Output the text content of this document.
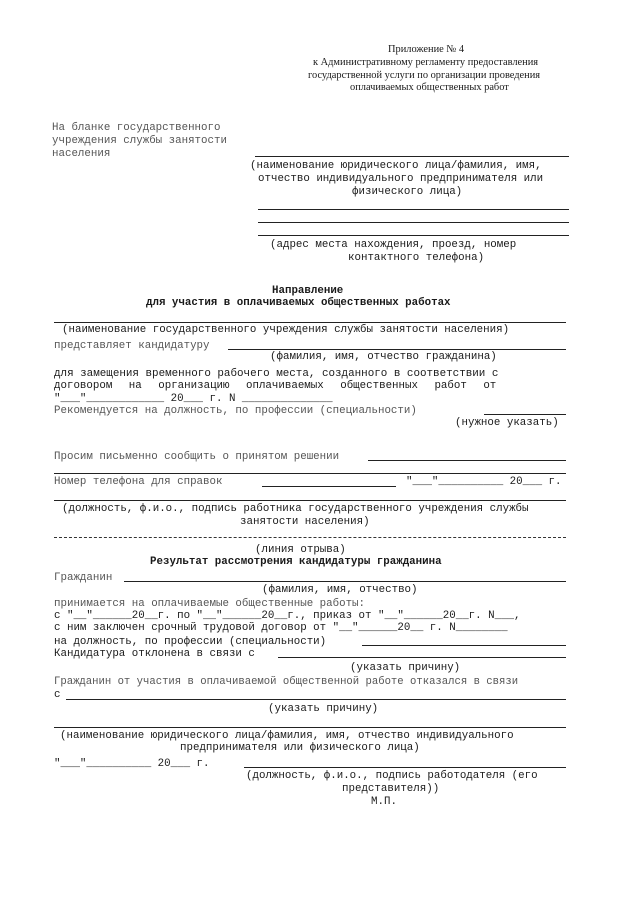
Приложение № 4
к Административному регламенту предоставления
государственной услуги по организации проведения
оплачиваемых общественных работ
На бланке государственного
учреждения службы занятости
населения
(наименование юридического лица/фамилия, имя,
отчество индивидуального предпринимателя или
физического лица)
(адрес места нахождения, проезд, номер
контактного телефона)
Направление
для участия в оплачиваемых общественных работах
(наименование государственного учреждения службы занятости населения)
представляет кандидатуру
(фамилия, имя, отчество гражданина)
для замещения временного рабочего места, созданного в соответствии с
договором на организацию оплачиваемых общественных работ от
"___"____________ 20___ г. N ______________
Рекомендуется на должность, по профессии (специальности)
(нужное указать)
Просим письменно сообщить о принятом решении
Номер телефона для справок	"___"__________ 20___ г.
(должность, ф.и.о., подпись работника государственного учреждения службы
занятости населения)
(линия отрыва)
Результат рассмотрения кандидатуры гражданина
Гражданин
(фамилия, имя, отчество)
принимается на оплачиваемые общественные работы:
с "__"______20__г. по "__"______20__г., приказ от "__"______20__г. N___,
с ним заключен срочный трудовой договор от "__"______20__ г. N________
на должность, по профессии (специальности)
Кандидатура отклонена в связи с
(указать причину)
Гражданин от участия в оплачиваемой общественной работе отказался в связи
с
(указать причину)
(наименование юридического лица/фамилия, имя, отчество индивидуального
предпринимателя или физического лица)
"___"__________ 20___ г.
(должность, ф.и.о., подпись работодателя (его
представителя))
М.П.
